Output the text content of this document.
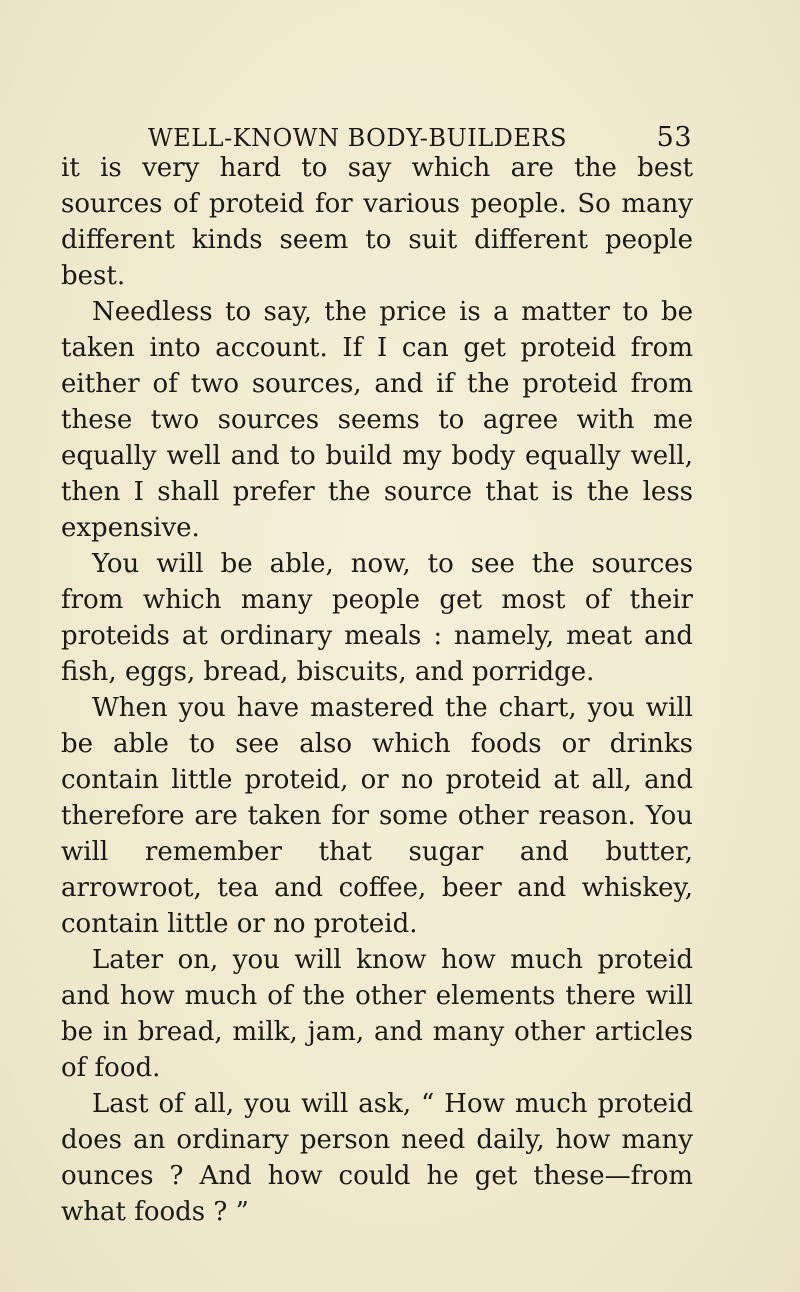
WELL-KNOWN BODY-BUILDERS	53

it is very hard to say which are the best sources of proteid for various people. So many different kinds seem to suit different people best.

Needless to say, the price is a matter to be taken into account. If I can get proteid from either of two sources, and if the proteid from these two sources seems to agree with me equally well and to build my body equally well, then I shall prefer the source that is the less expensive.

You will be able, now, to see the sources from which many people get most of their proteids at ordinary meals : namely, meat and fish, eggs, bread, biscuits, and porridge.

When you have mastered the chart, you will be able to see also which foods or drinks contain little proteid, or no proteid at all, and therefore are taken for some other reason. You will remember that sugar and butter, arrowroot, tea and coffee, beer and whiskey, contain little or no proteid.

Later on, you will know how much proteid and how much of the other elements there will be in bread, milk, jam, and many other articles of food.

Last of all, you will ask, “ How much proteid does an ordinary person need daily, how many ounces ? And how could he get these—from what foods ? ”
